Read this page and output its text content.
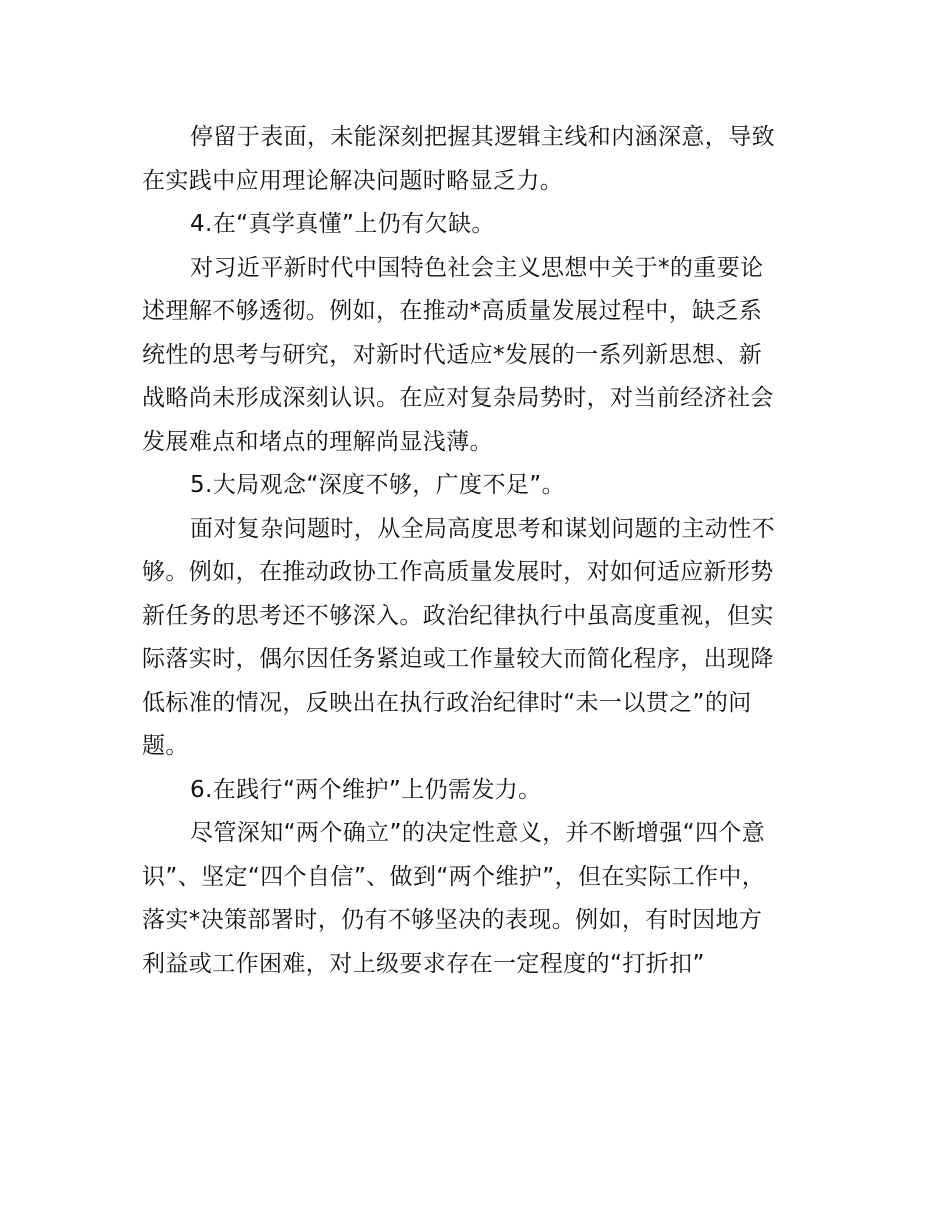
停留于表面，未能深刻把握其逻辑主线和内涵深意，导致
在实践中应用理论解决问题时略显乏力。

4.在“真学真懂”上仍有欠缺。

对习近平新时代中国特色社会主义思想中关于*的重要论
述理解不够透彻。例如，在推动*高质量发展过程中，缺乏系
统性的思考与研究，对新时代适应*发展的一系列新思想、新
战略尚未形成深刻认识。在应对复杂局势时，对当前经济社会
发展难点和堵点的理解尚显浅薄。

5.大局观念“深度不够，广度不足”。

面对复杂问题时，从全局高度思考和谋划问题的主动性不
够。例如，在推动政协工作高质量发展时，对如何适应新形势
新任务的思考还不够深入。政治纪律执行中虽高度重视，但实
际落实时，偶尔因任务紧迫或工作量较大而简化程序，出现降
低标准的情况，反映出在执行政治纪律时“未一以贯之”的问
题。

6.在践行“两个维护”上仍需发力。

尽管深知“两个确立”的决定性意义，并不断增强“四个意
识”、坚定“四个自信”、做到“两个维护”，但在实际工作中，
落实*决策部署时，仍有不够坚决的表现。例如，有时因地方
利益或工作困难，对上级要求存在一定程度的“打折扣”
